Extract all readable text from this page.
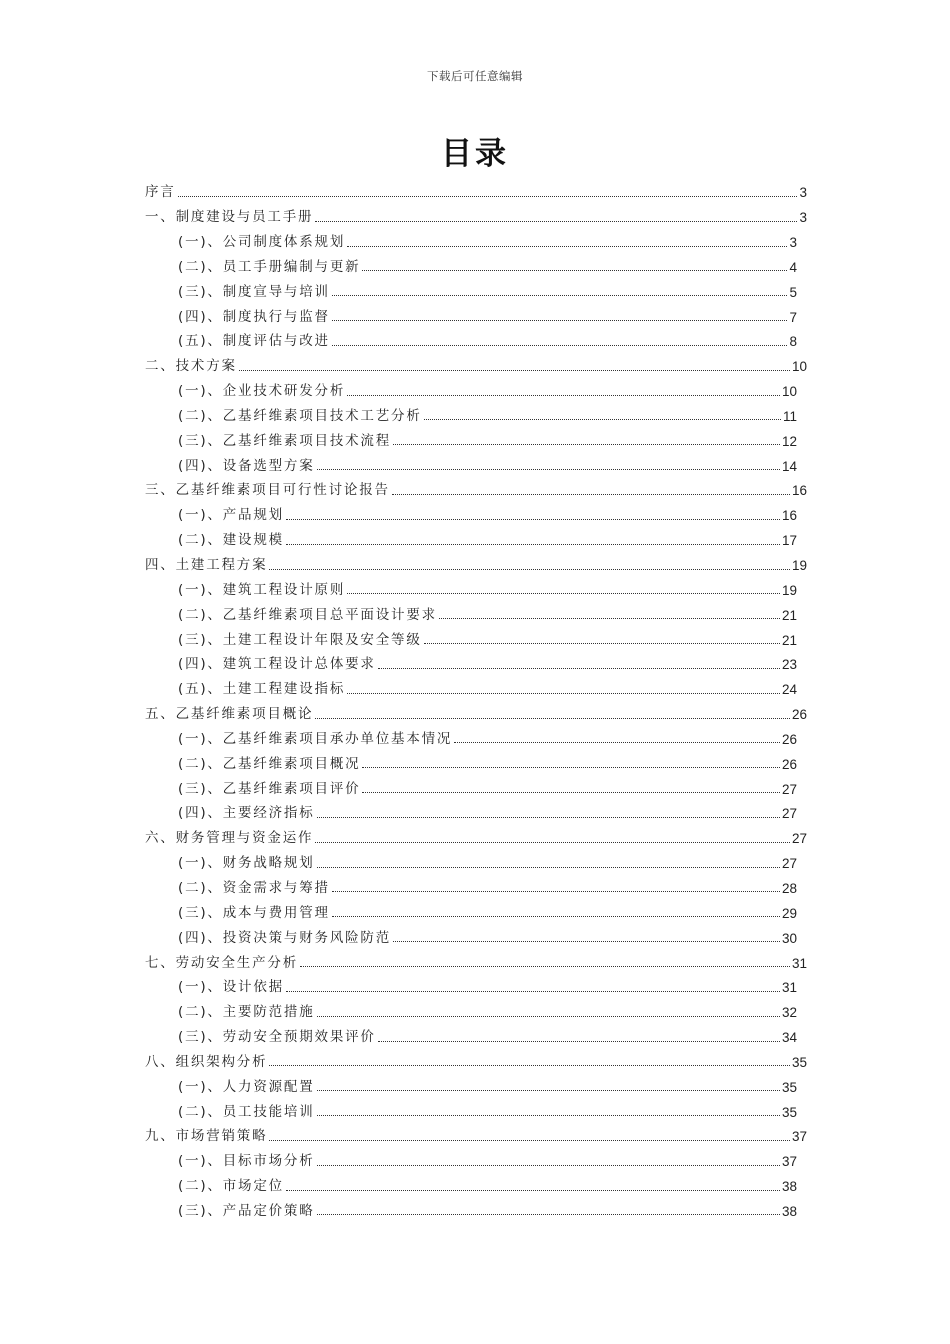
下载后可任意编辑
目录
序言	3
一、制度建设与员工手册	3
(一)、公司制度体系规划	3
(二)、员工手册编制与更新	4
(三)、制度宣导与培训	5
(四)、制度执行与监督	7
(五)、制度评估与改进	8
二、技术方案	10
(一)、企业技术研发分析	10
(二)、乙基纤维素项目技术工艺分析	11
(三)、乙基纤维素项目技术流程	12
(四)、设备选型方案	14
三、乙基纤维素项目可行性讨论报告	16
(一)、产品规划	16
(二)、建设规模	17
四、土建工程方案	19
(一)、建筑工程设计原则	19
(二)、乙基纤维素项目总平面设计要求	21
(三)、土建工程设计年限及安全等级	21
(四)、建筑工程设计总体要求	23
(五)、土建工程建设指标	24
五、乙基纤维素项目概论	26
(一)、乙基纤维素项目承办单位基本情况	26
(二)、乙基纤维素项目概况	26
(三)、乙基纤维素项目评价	27
(四)、主要经济指标	27
六、财务管理与资金运作	27
(一)、财务战略规划	27
(二)、资金需求与筹措	28
(三)、成本与费用管理	29
(四)、投资决策与财务风险防范	30
七、劳动安全生产分析	31
(一)、设计依据	31
(二)、主要防范措施	32
(三)、劳动安全预期效果评价	34
八、组织架构分析	35
(一)、人力资源配置	35
(二)、员工技能培训	35
九、市场营销策略	37
(一)、目标市场分析	37
(二)、市场定位	38
(三)、产品定价策略	38
